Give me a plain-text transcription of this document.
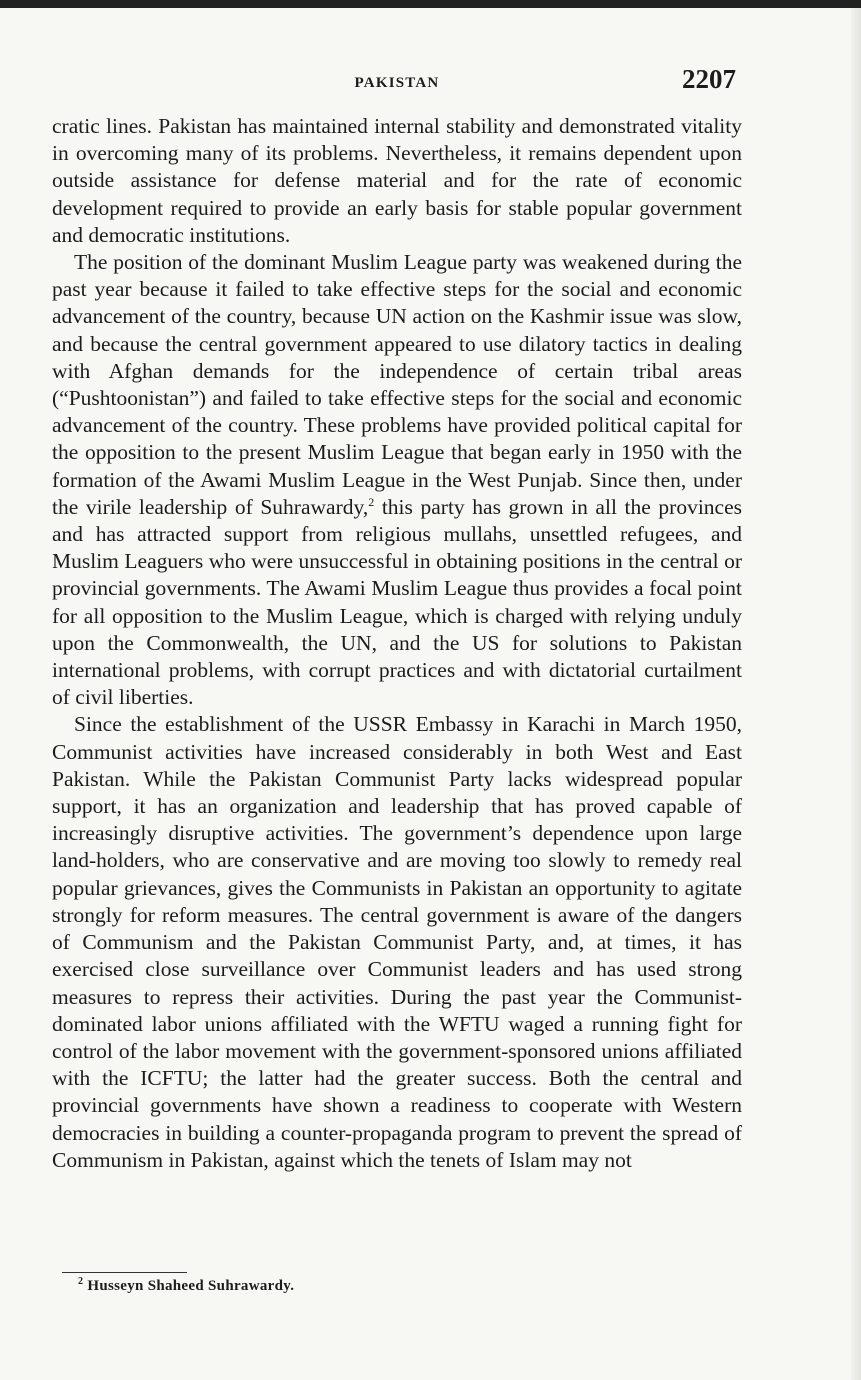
PAKISTAN	2207

cratic lines. Pakistan has maintained internal stability and demonstrated vitality in overcoming many of its problems. Nevertheless, it remains dependent upon outside assistance for defense material and for the rate of economic development required to provide an early basis for stable popular government and democratic institutions.

The position of the dominant Muslim League party was weakened during the past year because it failed to take effective steps for the social and economic advancement of the country, because UN action on the Kashmir issue was slow, and because the central government appeared to use dilatory tactics in dealing with Afghan demands for the independence of certain tribal areas (“Pushtoonistan”) and failed to take effective steps for the social and economic advancement of the country. These problems have provided political capital for the opposition to the present Muslim League that began early in 1950 with the formation of the Awami Muslim League in the West Punjab. Since then, under the virile leadership of Suhrawardy,$^2$ this party has grown in all the provinces and has attracted support from religious mullahs, unsettled refugees, and Muslim Leaguers who were unsuccessful in obtaining positions in the central or provincial governments. The Awami Muslim League thus provides a focal point for all opposition to the Muslim League, which is charged with relying unduly upon the Commonwealth, the UN, and the US for solutions to Pakistan international problems, with corrupt practices and with dictatorial curtailment of civil liberties.

Since the establishment of the USSR Embassy in Karachi in March 1950, Communist activities have increased considerably in both West and East Pakistan. While the Pakistan Communist Party lacks widespread popular support, it has an organization and leadership that has proved capable of increasingly disruptive activities. The government’s dependence upon large land-holders, who are conservative and are moving too slowly to remedy real popular grievances, gives the Communists in Pakistan an opportunity to agitate strongly for reform measures. The central government is aware of the dangers of Communism and the Pakistan Communist Party, and, at times, it has exercised close surveillance over Communist leaders and has used strong measures to repress their activities. During the past year the Communist-dominated labor unions affiliated with the WFTU waged a running fight for control of the labor movement with the government-sponsored unions affiliated with the ICFTU; the latter had the greater success. Both the central and provincial governments have shown a readiness to cooperate with Western democracies in building a counter-propaganda program to prevent the spread of Communism in Pakistan, against which the tenets of Islam may not

$^2$ Husseyn Shaheed Suhrawardy.
